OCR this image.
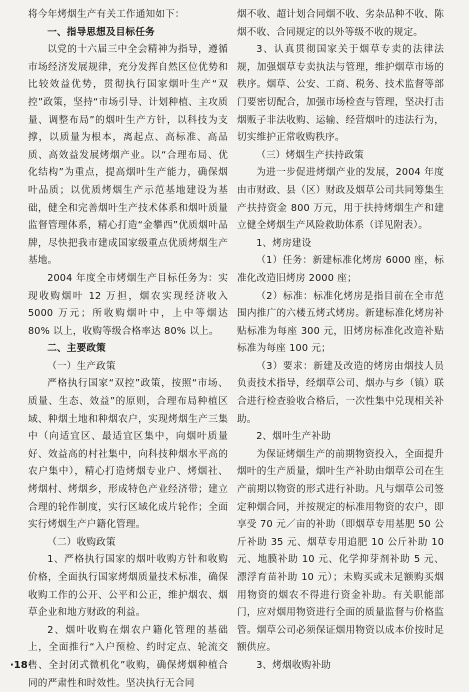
将今年烤烟生产有关工作通知如下：

一、指导思想及目标任务

以党的十六届三中全会精神为指导，遵循市场经济发展规律，充分发挥自然区位优势和比较效益优势，贯彻执行国家烟叶生产“双控”政策，坚持“市场引导、计划种植、主攻质量、调整布局”的烟叶生产方针，以科技为支撑，以质量为根本，离起点、高标准、高品质、高效益发展烤烟产业。以“合理布局、优化结构”为重点，提高烟叶生产能力，确保烟叶品质；以优质烤烟生产示范基地建设为基础，健全和完善烟叶生产技术体系和烟叶质量监督管理体系，精心打造“金攀西”优质烟叶品牌，尽快把我市建成国家级重点优质烤烟生产基地。

2004 年度全市烤烟生产目标任务为：实现收购烟叶 12 万担，烟农实现经济收入 5000 万元；所收购烟叶中，上中等烟达 80% 以上，收购等级合格率达 80% 以上。

二、主要政策

（一）生产政策

严格执行国家“双控”政策，按照“市场、质量、生态、效益”的原则，合理布局种植区域、种烟土地和种烟农户，实现烤烟生产三集中（向适宜区、最适宜区集中，向烟叶质量好、效益高的村社集中，向科技种烟水平高的农户集中），精心打造烤烟专业户、烤烟社、烤烟村、烤烟乡，形成特色产业经济带；建立合理的轮作制度，实行区域化成片轮作；全面实行烤烟生产户籍化管理。

（二）收购政策

1、严格执行国家的烟叶收购方针和收购价格，全面执行国家烤烟质量技术标准，确保收购工作的公开、公平和公正，维护烟农、烟草企业和地方财政的利益。

2、烟叶收购在烟农户籍化管理的基础上，全面推行“入户预检、约时定点、轮流交售、全封闭式微机化”收购，确保烤烟种植合同的严肃性和时效性。坚决执行无合同

烟不收、超计划合同烟不收、劣杂品种不收、陈烟不收、合同规定的以外等级不收的规定。

3、认真贯彻国家关于烟草专卖的法律法规，加强烟草专卖执法与管理，维护烟草市场的秩序。烟草、公安、工商、税务、技术监督等部门要密切配合，加强市场检查与管理，坚决打击烟贩子非法收购、运输、经营烟叶的违法行为，切实维护正常收购秩序。

（三）烤烟生产扶持政策

为进一步促进烤烟产业的发展，2004 年度由市财政、县（区）财政及烟草公司共同筹集生产扶持资金 800 万元，用于扶持烤烟生产和建立健全烤烟生产风险救助体系（详见附表）。

1、烤房建设

（1）任务：新建标准化烤房 6000 座，标准化改造旧烤房 2000 座；

（2）标准：标准化烤房是指目前在全市范围内推广的六楼五烤式烤房。新建标准化烤房补贴标准为每座 300 元，旧烤房标准化改造补贴标准为每座 100 元；

（3）要求：新建及改造的烤房由烟技人员负责技术指导，经烟草公司、烟办与乡（镇）联合进行检查验收合格后，一次性集中兑现相关补助。

2、烟叶生产补助

为保证烤烟生产的前期物资投入，全面提升烟叶的生产质量，烟叶生产补助由烟草公司在生产前期以物资的形式进行补助。凡与烟草公司签定种烟合同，并按规定的标准用物资的农户，即享受 70 元／亩的补助（即烟草专用基肥 50 公斤补助 35 元、烟草专用追肥 10 公斤补助 10 元、地膜补助 10 元、化学抑芽剂补助 5 元、漂浮育苗补助 10 元）；未购买或未足额购买烟用物资的烟农不得进行资金补助。有关职能部门，应对烟用物资进行全面的质量监督与价格监管。烟草公司必须保证烟用物资以成本价按时足额供应。

3、烤烟收购补助

·18·
